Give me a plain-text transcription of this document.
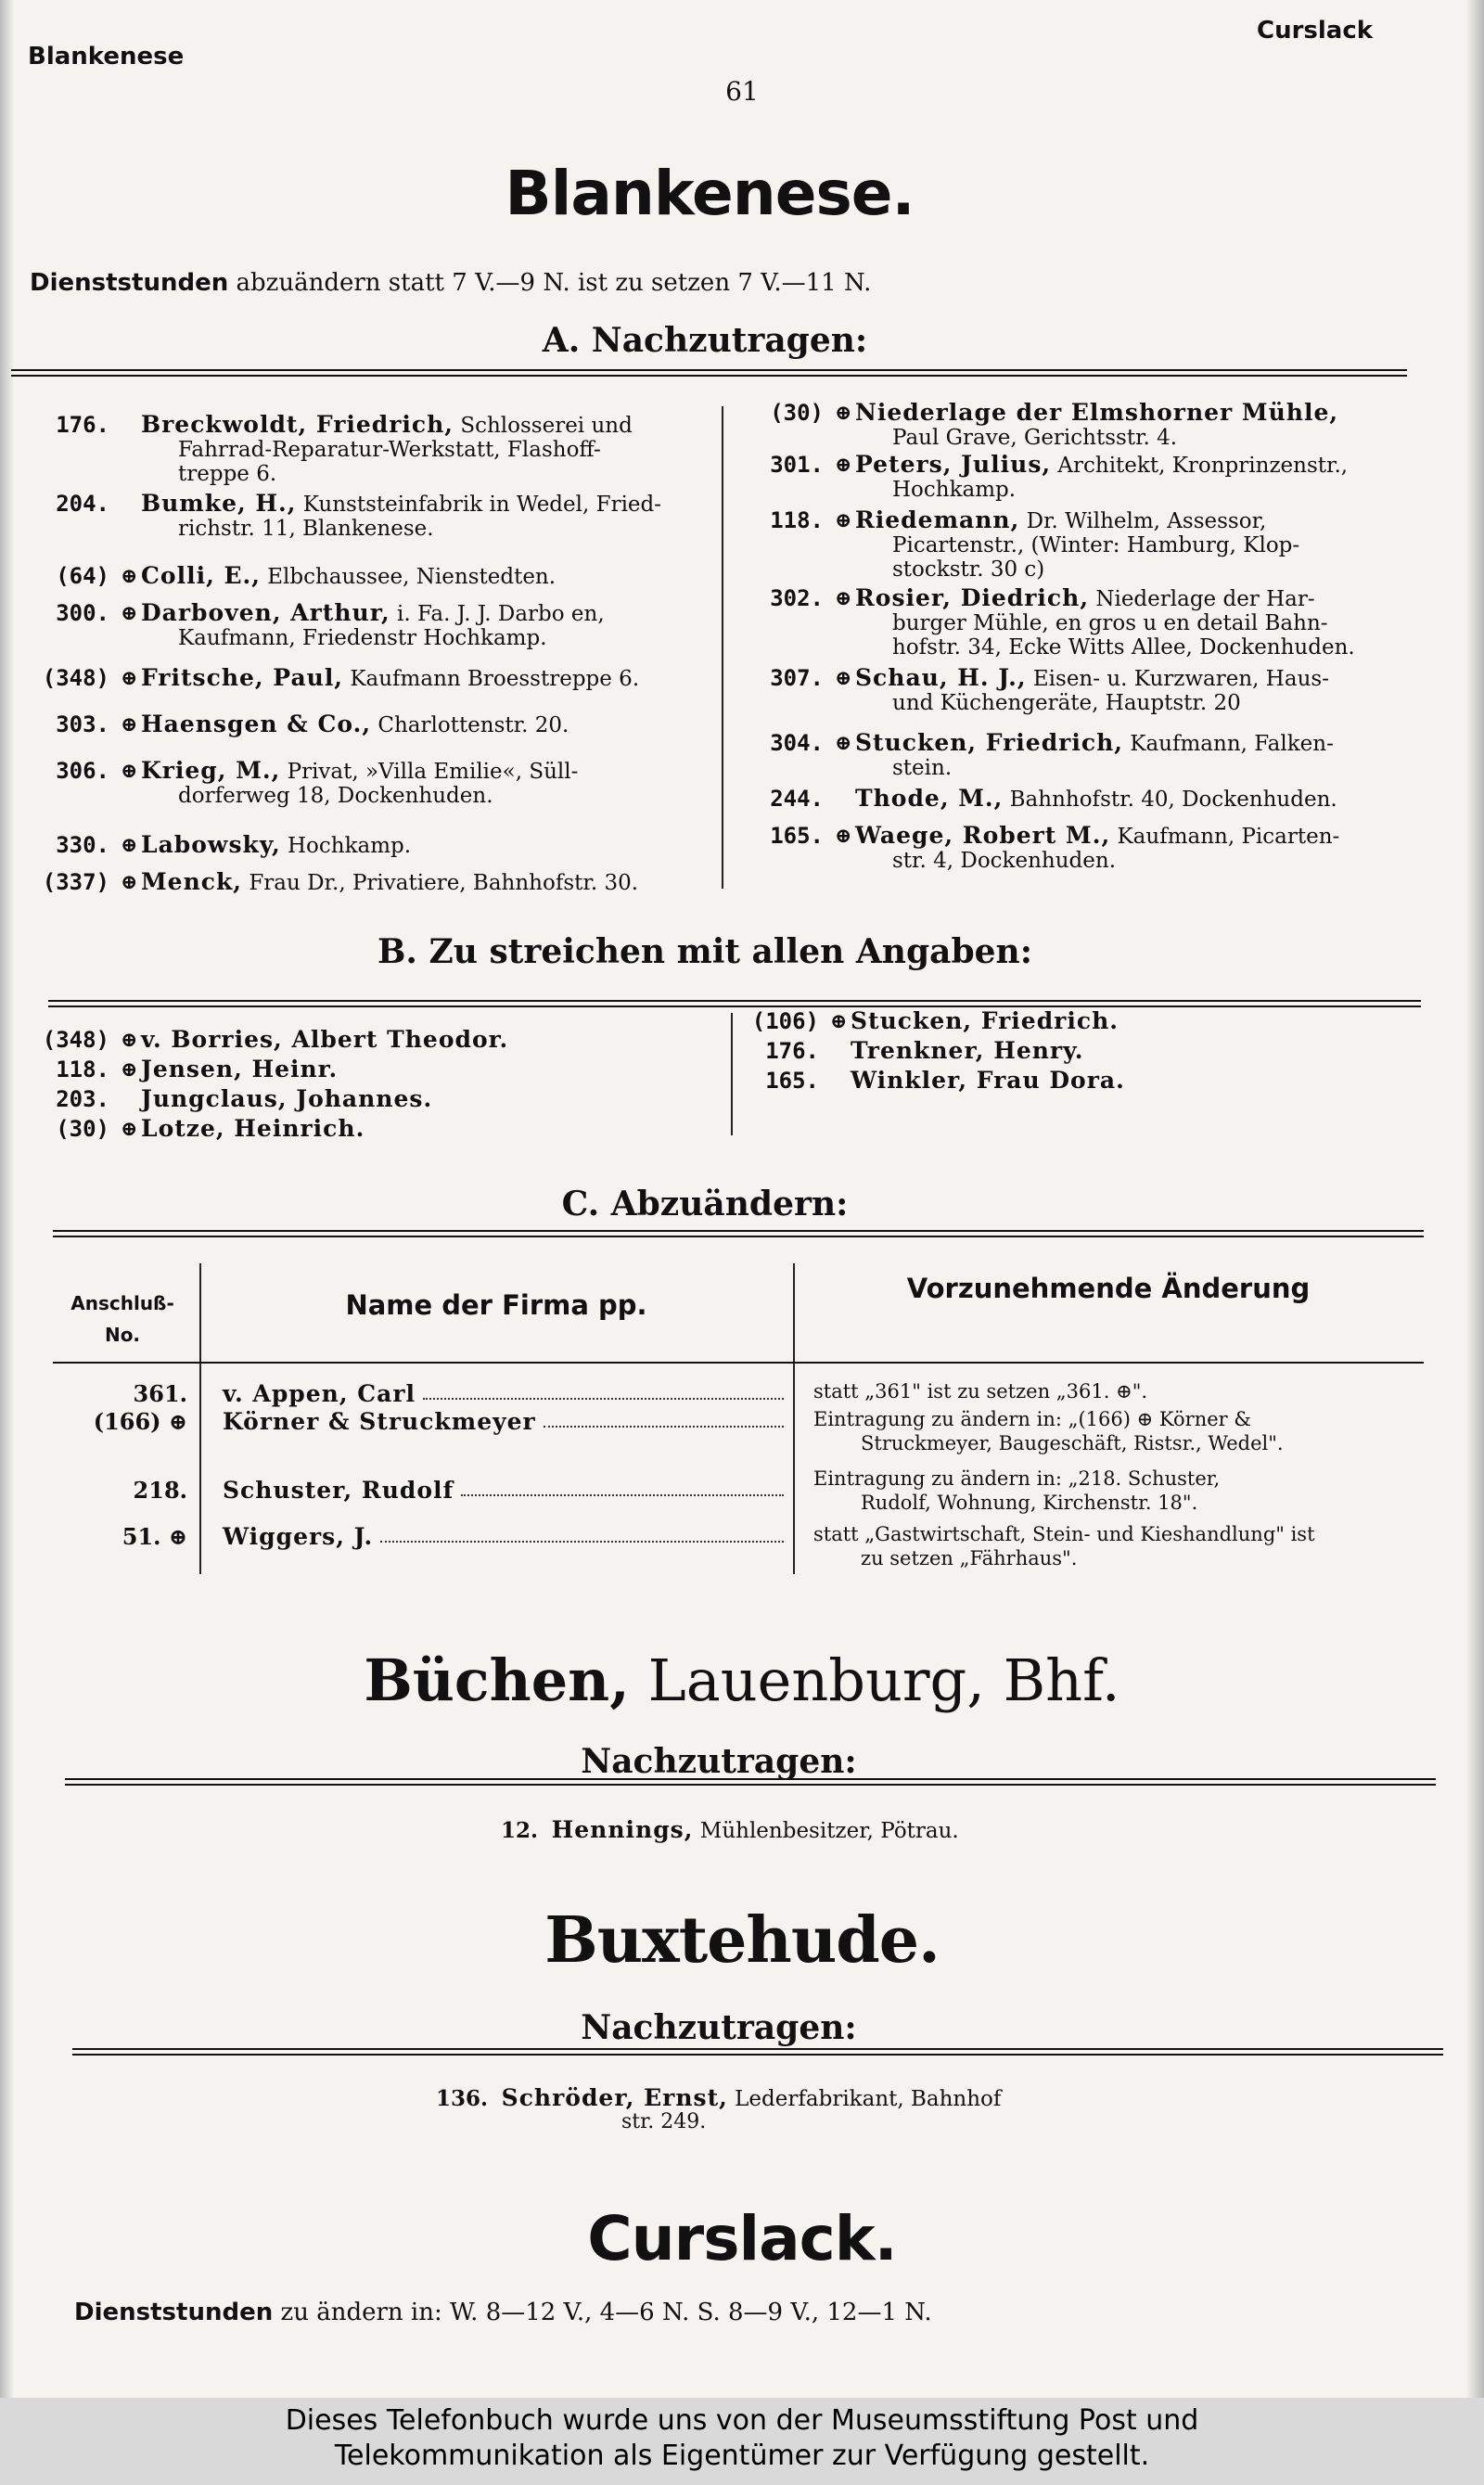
Blankenese
Curslack
61
Blankenese.
Dienststunden abzuändern statt 7 V.—9 N. ist zu setzen 7 V.—11 N.
A. Nachzutragen:
176. Breckwoldt, Friedrich, Schlosserei und
Fahrrad-Reparatur-Werkstatt, Flashoff-
treppe 6.
204. Bumke, H., Kunststeinfabrik in Wedel, Fried-
richstr. 11, Blankenese.
(64) ⊕ Colli, E., Elbchaussee, Nienstedten.
300. ⊕ Darboven, Arthur, i. Fa. J. J. Darbo en,
Kaufmann, Friedenstr Hochkamp.
(348) ⊕ Fritsche, Paul, Kaufmann Broesstreppe 6.
303. ⊕ Haensgen & Co., Charlottenstr. 20.
306. ⊕ Krieg, M., Privat, »Villa Emilie«, Süll-
dorferweg 18, Dockenhuden.
330. ⊕ Labowsky, Hochkamp.
(337) ⊕ Menck, Frau Dr., Privatiere, Bahnhofstr. 30.
(30) ⊕ Niederlage der Elmshorner Mühle,
Paul Grave, Gerichtsstr. 4.
301. ⊕ Peters, Julius, Architekt, Kronprinzenstr.,
Hochkamp.
118. ⊕ Riedemann, Dr. Wilhelm, Assessor,
Picartenstr., (Winter: Hamburg, Klop-
stockstr. 30 c)
302. ⊕ Rosier, Diedrich, Niederlage der Har-
burger Mühle, en gros u en detail Bahn-
hofstr. 34, Ecke Witts Allee, Dockenhuden.
307. ⊕ Schau, H. J., Eisen- u. Kurzwaren, Haus-
und Küchengeräte, Hauptstr. 20
304. ⊕ Stucken, Friedrich, Kaufmann, Falken-
stein.
244. Thode, M., Bahnhofstr. 40, Dockenhuden.
165. ⊕ Waege, Robert M., Kaufmann, Picarten-
str. 4, Dockenhuden.
B. Zu streichen mit allen Angaben:
(348) ⊕ v. Borries, Albert Theodor.
118. ⊕ Jensen, Heinr.
203. Jungclaus, Johannes.
(30) ⊕ Lotze, Heinrich.
(106) ⊕ Stucken, Friedrich.
176. Trenkner, Henry.
165. Winkler, Frau Dora.
C. Abzuändern:
Anschluß-
No.
Name der Firma pp.
Vorzunehmende Änderung
361. v. Appen, Carl	statt „361" ist zu setzen „361. ⊕".
(166) ⊕ Körner & Struckmeyer	Eintragung zu ändern in: „(166) ⊕ Körner &
Struckmeyer, Baugeschäft, Ristsr., Wedel".
218. Schuster, Rudolf	Eintragung zu ändern in: „218. Schuster,
Rudolf, Wohnung, Kirchenstr. 18".
51. ⊕ Wiggers, J.	statt „Gastwirtschaft, Stein- und Kieshandlung" ist
zu setzen „Fährhaus".
Büchen, Lauenburg, Bhf.
Nachzutragen:
12. Hennings, Mühlenbesitzer, Pötrau.
Buxtehude.
Nachzutragen:
136. Schröder, Ernst, Lederfabrikant, Bahnhof
str. 249.
Curslack.
Dienststunden zu ändern in: W. 8—12 V., 4—6 N. S. 8—9 V., 12—1 N.
Dieses Telefonbuch wurde uns von der Museumsstiftung Post und
Telekommunikation als Eigentümer zur Verfügung gestellt.
